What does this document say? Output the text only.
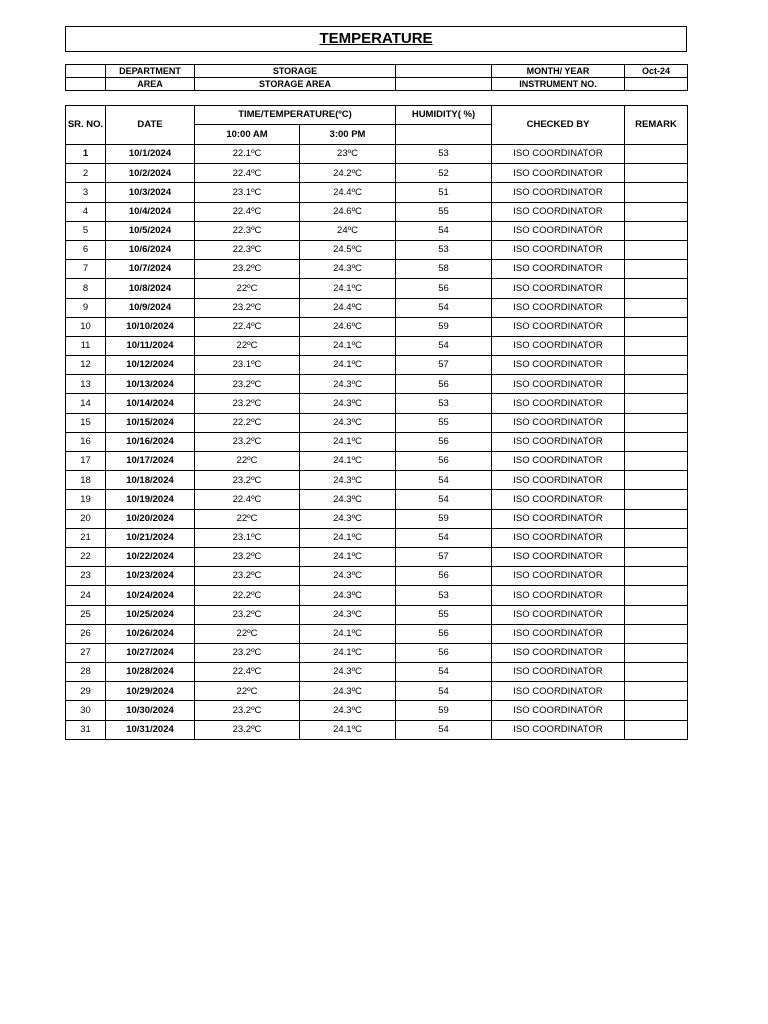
TEMPERATURE
	DEPARTMENT	STORAGE		MONTH/ YEAR	Oct-24
	AREA	STORAGE AREA		INSTRUMENT NO.	
SR. NO.	DATE	TIME/TEMPERATURE(ºC)		HUMIDITY( %)	CHECKED BY	REMARK
		10:00 AM	3:00 PM			
1	10/1/2024	22.1ºC	23ºC	53	ISO COORDINATOR	
2	10/2/2024	22.4ºC	24.2ºC	52	ISO COORDINATOR	
3	10/3/2024	23.1ºC	24.4ºC	51	ISO COORDINATOR	
4	10/4/2024	22.4ºC	24.6ºC	55	ISO COORDINATOR	
5	10/5/2024	22.3ºC	24ºC	54	ISO COORDINATOR	
6	10/6/2024	22.3ºC	24.5ºC	53	ISO COORDINATOR	
7	10/7/2024	23.2ºC	24.3ºC	58	ISO COORDINATOR	
8	10/8/2024	22ºC	24.1ºC	56	ISO COORDINATOR	
9	10/9/2024	23.2ºC	24.4ºC	54	ISO COORDINATOR	
10	10/10/2024	22.4ºC	24.6ºC	59	ISO COORDINATOR	
11	10/11/2024	22ºC	24.1ºC	54	ISO COORDINATOR	
12	10/12/2024	23.1ºC	24.1ºC	57	ISO COORDINATOR	
13	10/13/2024	23.2ºC	24.3ºC	56	ISO COORDINATOR	
14	10/14/2024	23.2ºC	24.3ºC	53	ISO COORDINATOR	
15	10/15/2024	22.2ºC	24.3ºC	55	ISO COORDINATOR	
16	10/16/2024	23.2ºC	24.1ºC	56	ISO COORDINATOR	
17	10/17/2024	22ºC	24.1ºC	56	ISO COORDINATOR	
18	10/18/2024	23.2ºC	24.3ºC	54	ISO COORDINATOR	
19	10/19/2024	22.4ºC	24.3ºC	54	ISO COORDINATOR	
20	10/20/2024	22ºC	24.3ºC	59	ISO COORDINATOR	
21	10/21/2024	23.1ºC	24.1ºC	54	ISO COORDINATOR	
22	10/22/2024	23.2ºC	24.1ºC	57	ISO COORDINATOR	
23	10/23/2024	23.2ºC	24.3ºC	56	ISO COORDINATOR	
24	10/24/2024	22.2ºC	24.3ºC	53	ISO COORDINATOR	
25	10/25/2024	23.2ºC	24.3ºC	55	ISO COORDINATOR	
26	10/26/2024	22ºC	24.1ºC	56	ISO COORDINATOR	
27	10/27/2024	23.2ºC	24.1ºC	56	ISO COORDINATOR	
28	10/28/2024	22.4ºC	24.3ºC	54	ISO COORDINATOR	
29	10/29/2024	22ºC	24.3ºC	54	ISO COORDINATOR	
30	10/30/2024	23.2ºC	24.3ºC	59	ISO COORDINATOR	
31	10/31/2024	23.2ºC	24.1ºC	54	ISO COORDINATOR	
